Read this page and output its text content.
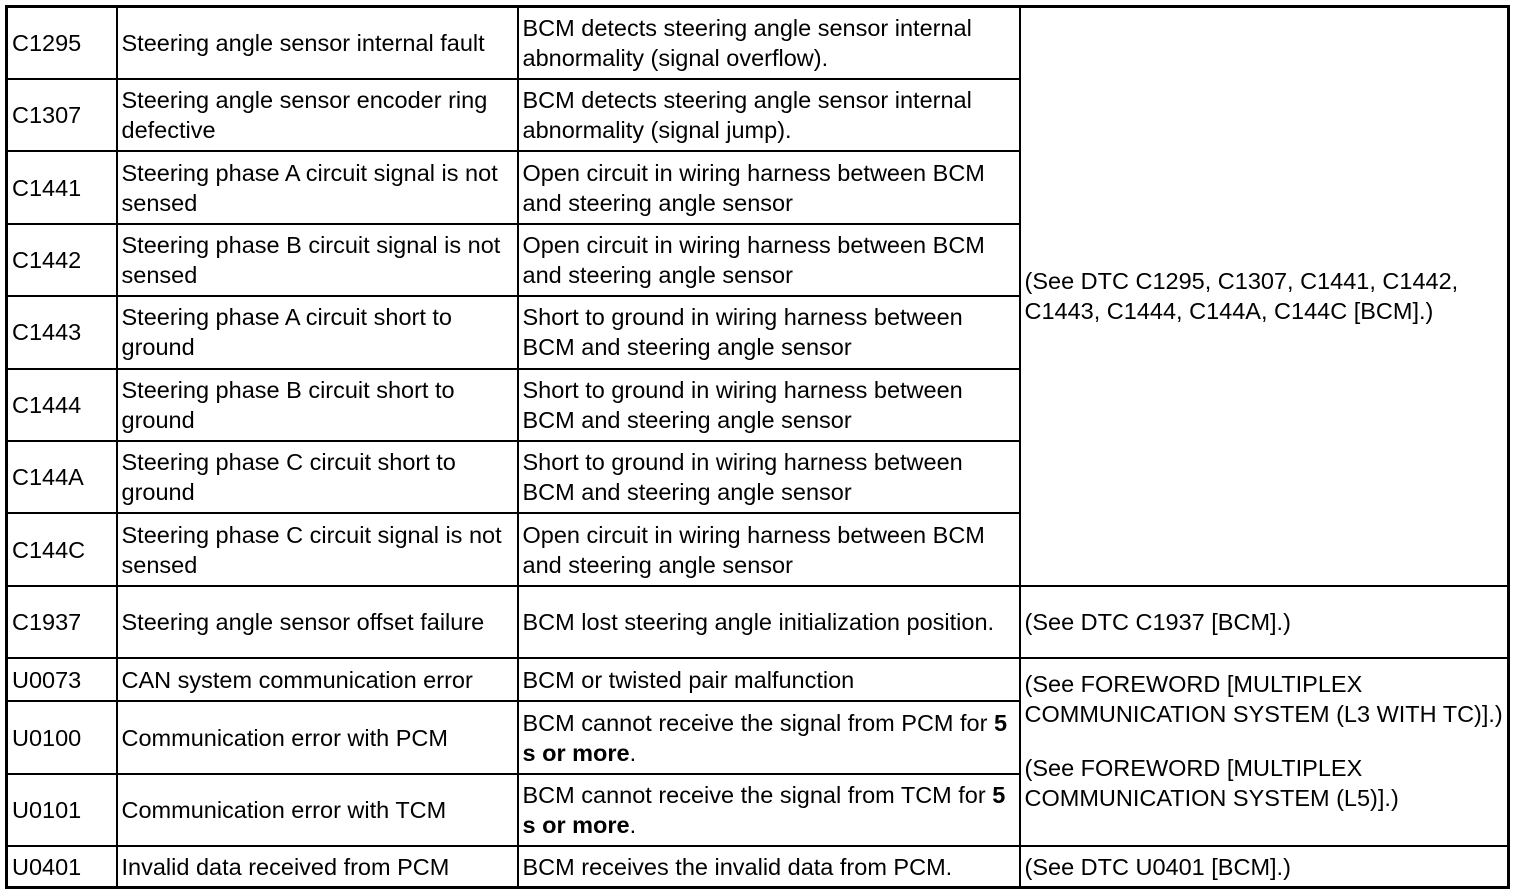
C1295	Steering angle sensor internal fault	BCM detects steering angle sensor internal abnormality (signal overflow).	(See DTC C1295, C1307, C1441, C1442, C1443, C1444, C144A, C144C [BCM].)
C1307	Steering angle sensor encoder ring defective	BCM detects steering angle sensor internal abnormality (signal jump).	
C1441	Steering phase A circuit signal is not sensed	Open circuit in wiring harness between BCM and steering angle sensor	
C1442	Steering phase B circuit signal is not sensed	Open circuit in wiring harness between BCM and steering angle sensor	
C1443	Steering phase A circuit short to ground	Short to ground in wiring harness between BCM and steering angle sensor	
C1444	Steering phase B circuit short to ground	Short to ground in wiring harness between BCM and steering angle sensor	
C144A	Steering phase C circuit short to ground	Short to ground in wiring harness between BCM and steering angle sensor	
C144C	Steering phase C circuit signal is not sensed	Open circuit in wiring harness between BCM and steering angle sensor	
C1937	Steering angle sensor offset failure	BCM lost steering angle initialization position.	(See DTC C1937 [BCM].)
U0073	CAN system communication error	BCM or twisted pair malfunction	(See FOREWORD [MULTIPLEX COMMUNICATION SYSTEM (L3 WITH TC)].)
(See FOREWORD [MULTIPLEX COMMUNICATION SYSTEM (L5)].)

U0100	Communication error with PCM	BCM cannot receive the signal from PCM for 5 s or more.	
U0101	Communication error with TCM	BCM cannot receive the signal from TCM for 5 s or more.	
U0401	Invalid data received from PCM	BCM receives the invalid data from PCM.	(See DTC U0401 [BCM].)
